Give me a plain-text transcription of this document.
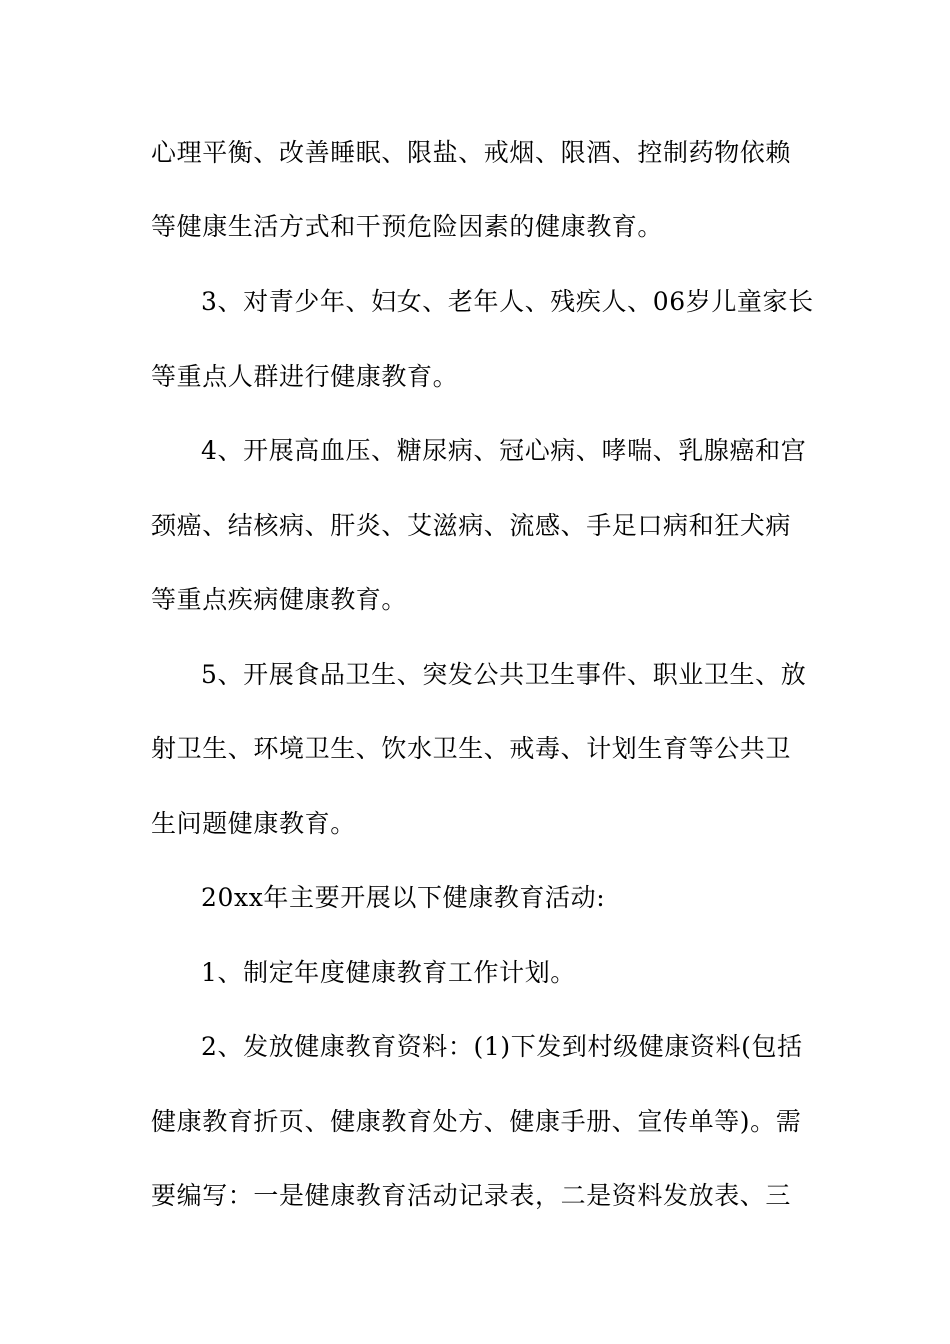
心理平衡、改善睡眠、限盐、戒烟、限酒、控制药物依赖
等健康生活方式和干预危险因素的健康教育。
3、对青少年、妇女、老年人、残疾人、06岁儿童家长
等重点人群进行健康教育。
4、开展高血压、糖尿病、冠心病、哮喘、乳腺癌和宫
颈癌、结核病、肝炎、艾滋病、流感、手足口病和狂犬病
等重点疾病健康教育。
5、开展食品卫生、突发公共卫生事件、职业卫生、放
射卫生、环境卫生、饮水卫生、戒毒、计划生育等公共卫
生问题健康教育。
20xx年主要开展以下健康教育活动:
1、制定年度健康教育工作计划。
2、发放健康教育资料：(1)下发到村级健康资料(包括
健康教育折页、健康教育处方、健康手册、宣传单等)。需
要编写：一是健康教育活动记录表，二是资料发放表、三
